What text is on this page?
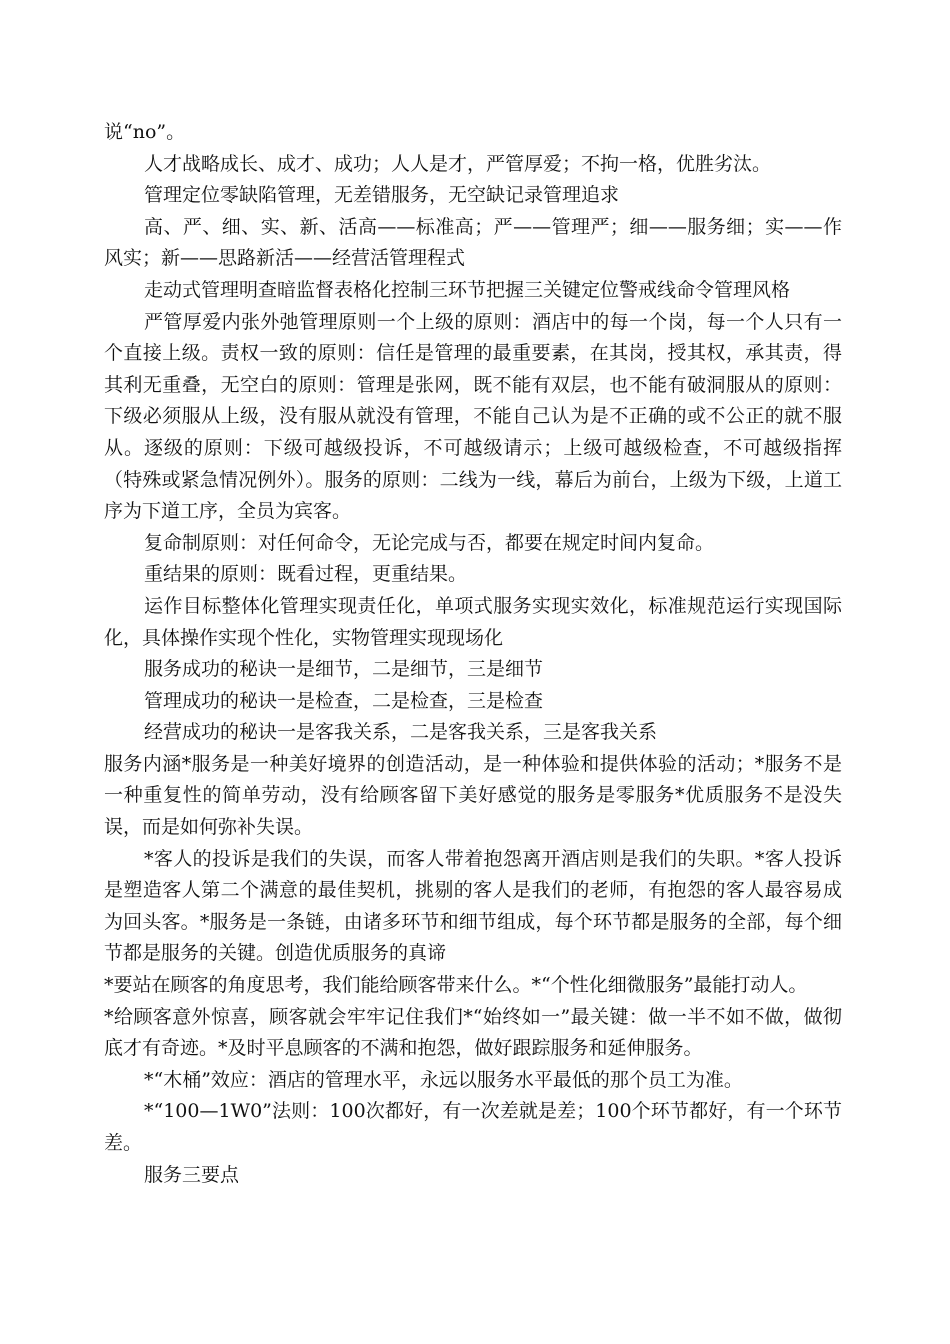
说“no”。

人才战略成长、成才、成功；人人是才，严管厚爱；不拘一格，优胜劣汰。

管理定位零缺陷管理，无差错服务，无空缺记录管理追求

高、严、细、实、新、活高——标准高；严——管理严；细——服务细；实——作风实；新——思路新活——经营活管理程式

走动式管理明查暗监督表格化控制三环节把握三关键定位警戒线命令管理风格

严管厚爱内张外弛管理原则一个上级的原则：酒店中的每一个岗，每一个人只有一个直接上级。责权一致的原则：信任是管理的最重要素，在其岗，授其权，承其责，得其利无重叠，无空白的原则：管理是张网，既不能有双层，也不能有破洞服从的原则：下级必须服从上级，没有服从就没有管理，不能自己认为是不正确的或不公正的就不服从。逐级的原则：下级可越级投诉，不可越级请示；上级可越级检查，不可越级指挥（特殊或紧急情况例外）。服务的原则：二线为一线，幕后为前台，上级为下级，上道工序为下道工序，全员为宾客。

复命制原则：对任何命令，无论完成与否，都要在规定时间内复命。

重结果的原则：既看过程，更重结果。

运作目标整体化管理实现责任化，单项式服务实现实效化，标准规范运行实现国际化，具体操作实现个性化，实物管理实现现场化

服务成功的秘诀一是细节，二是细节，三是细节

管理成功的秘诀一是检查，二是检查，三是检查

经营成功的秘诀一是客我关系，二是客我关系，三是客我关系

服务内涵*服务是一种美好境界的创造活动，是一种体验和提供体验的活动；*服务不是一种重复性的简单劳动，没有给顾客留下美好感觉的服务是零服务*优质服务不是没失误，而是如何弥补失误。

*客人的投诉是我们的失误，而客人带着抱怨离开酒店则是我们的失职。*客人投诉是塑造客人第二个满意的最佳契机，挑剔的客人是我们的老师，有抱怨的客人最容易成为回头客。*服务是一条链，由诸多环节和细节组成，每个环节都是服务的全部，每个细节都是服务的关键。创造优质服务的真谛

*要站在顾客的角度思考，我们能给顾客带来什么。*“个性化细微服务”最能打动人。

*给顾客意外惊喜，顾客就会牢牢记住我们*“始终如一”最关键：做一半不如不做，做彻底才有奇迹。*及时平息顾客的不满和抱怨，做好跟踪服务和延伸服务。

*“木桶”效应：酒店的管理水平，永远以服务水平最低的那个员工为准。

*“100—1W0”法则：100次都好，有一次差就是差；100个环节都好，有一个环节差。

服务三要点
